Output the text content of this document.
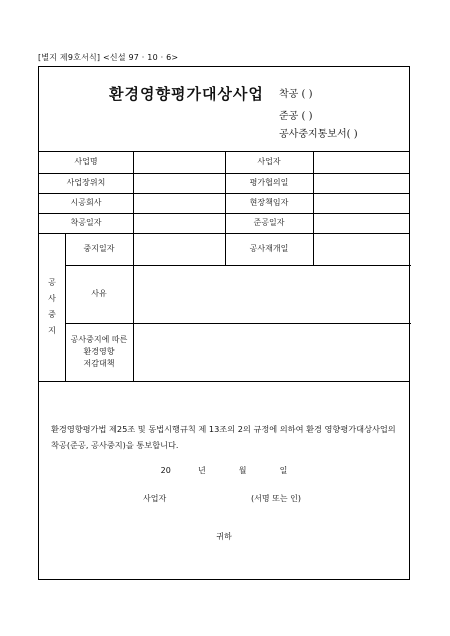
[별지 제9호서식] <신설 97 · 10 · 6>
환경영향평가대상사업 착공 ( )
준공 ( )
공사중지통보서( )
사업명	사업자
사업장위치	평가협의일
시공회사	현장책임자
착공일자	준공일자
공
사
중
지
중지일자	공사재개일
사유
공사중지에 따른
환경영향
저감대책
환경영향평가법 제25조 및 동법시행규칙 제 13조의 2의 규정에 의하여 환경 영향평가대상사업의 착공(준공, 공사중지)을 통보합니다.
20	년	월	일
사업자	(서명 또는 인)
귀하
